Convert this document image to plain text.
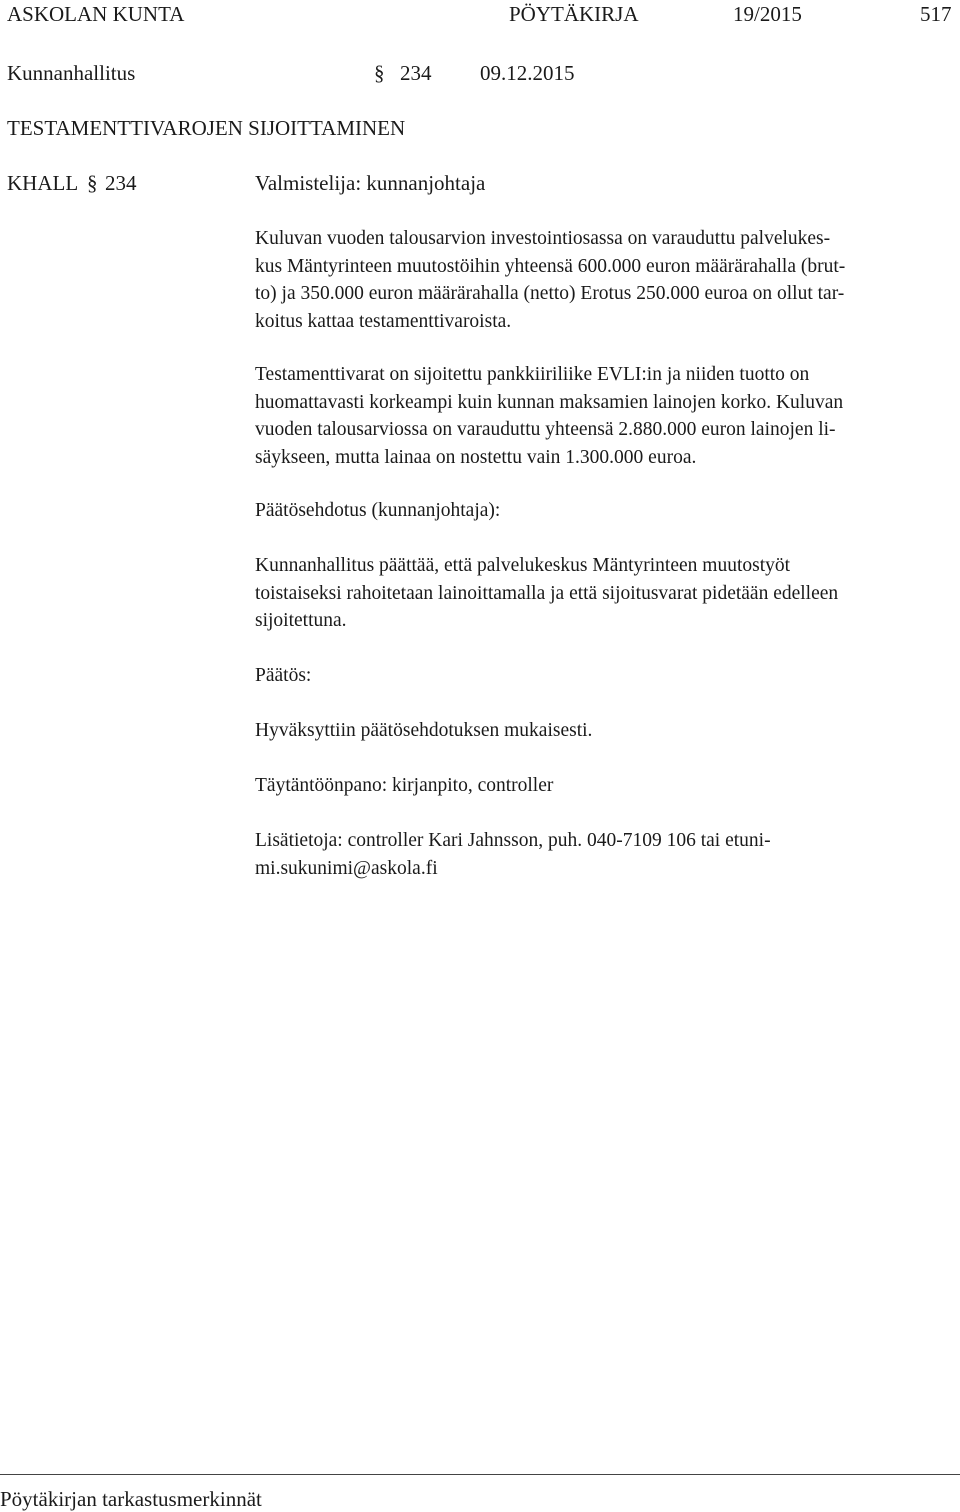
ASKOLAN KUNTA	PÖYTÄKIRJA	19/2015	517
Kunnanhallitus	§ 234 09.12.2015
TESTAMENTTIVAROJEN SIJOITTAMINEN
KHALL § 234	Valmistelija: kunnanjohtaja
Kuluvan vuoden talousarvion investointiosassa on varauduttu palvelukes-
kus Mäntyrinteen muutostöihin yhteensä 600.000 euron määrärahalla (brut-
to) ja 350.000 euron määrärahalla (netto) Erotus 250.000 euroa on ollut tar-
koitus kattaa testamenttivaroista.
Testamenttivarat on sijoitettu pankkiiriliike EVLI:in ja niiden tuotto on
huomattavasti korkeampi kuin kunnan maksamien lainojen korko. Kuluvan
vuoden talousarviossa on varauduttu yhteensä 2.880.000 euron lainojen li-
säykseen, mutta lainaa on nostettu vain 1.300.000 euroa.
Päätösehdotus (kunnanjohtaja):
Kunnanhallitus päättää, että palvelukeskus Mäntyrinteen muutostyöt
toistaiseksi rahoitetaan lainoittamalla ja että sijoitusvarat pidetään edelleen
sijoitettuna.
Päätös:
Hyväksyttiin päätösehdotuksen mukaisesti.
Täytäntöönpano: kirjanpito, controller
Lisätietoja: controller Kari Jahnsson, puh. 040-7109 106 tai etuni-
mi.sukunimi@askola.fi
Pöytäkirjan tarkastusmerkinnät
